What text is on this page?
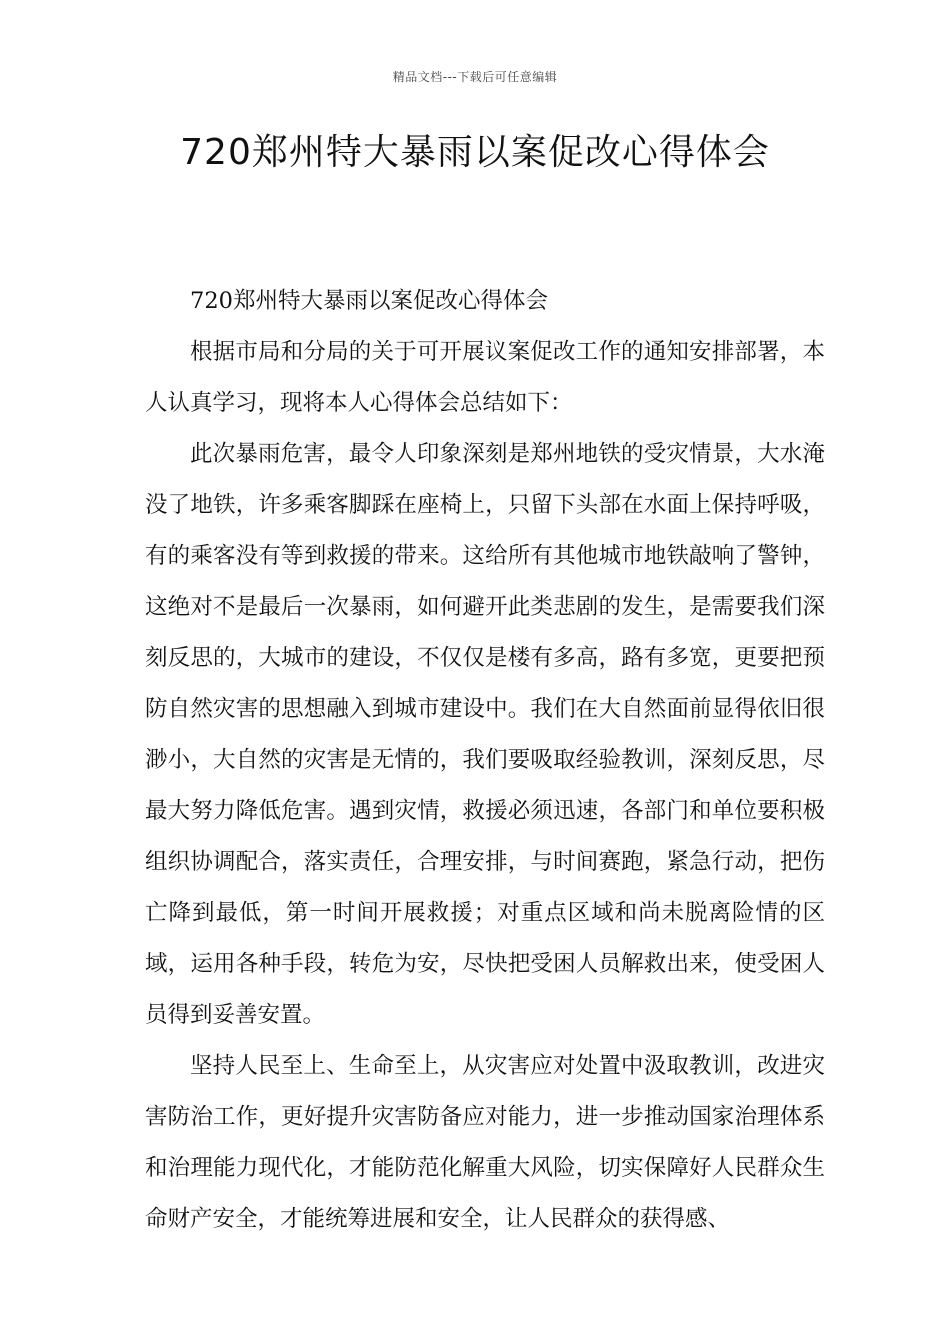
精品文档---下载后可任意编辑
720郑州特大暴雨以案促改心得体会

720郑州特大暴雨以案促改心得体会

根据市局和分局的关于可开展议案促改工作的通知安排部署，本人认真学习，现将本人心得体会总结如下：

此次暴雨危害，最令人印象深刻是郑州地铁的受灾情景，大水淹没了地铁，许多乘客脚踩在座椅上，只留下头部在水面上保持呼吸，有的乘客没有等到救援的带来。这给所有其他城市地铁敲响了警钟，这绝对不是最后一次暴雨，如何避开此类悲剧的发生，是需要我们深刻反思的，大城市的建设，不仅仅是楼有多高，路有多宽，更要把预防自然灾害的思想融入到城市建设中。我们在大自然面前显得依旧很渺小，大自然的灾害是无情的，我们要吸取经验教训，深刻反思，尽最大努力降低危害。遇到灾情，救援必须迅速，各部门和单位要积极组织协调配合，落实责任，合理安排，与时间赛跑，紧急行动，把伤亡降到最低，第一时间开展救援；对重点区域和尚未脱离险情的区域，运用各种手段，转危为安，尽快把受困人员解救出来，使受困人员得到妥善安置。

坚持人民至上、生命至上，从灾害应对处置中汲取教训，改进灾害防治工作，更好提升灾害防备应对能力，进一步推动国家治理体系和治理能力现代化，才能防范化解重大风险，切实保障好人民群众生命财产安全，才能统筹进展和安全，让人民群众的获得感、
